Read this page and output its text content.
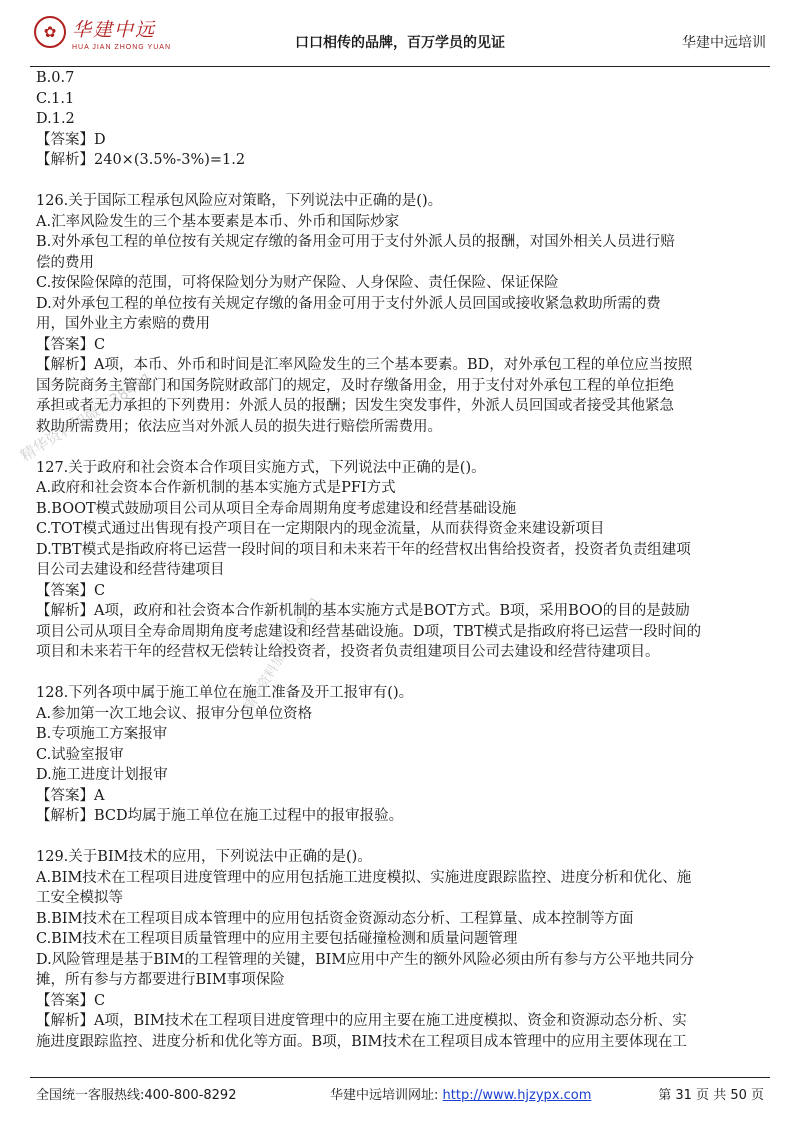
✿ 华建中远
HUA JIAN ZHONG YUAN	口口相传的品牌，百万学员的见证	华建中远培训

B.0.7

C.1.1

D.1.2

【答案】D

【解析】240×(3.5%-3%)=1.2

126.关于国际工程承包风险应对策略，下列说法中正确的是()。

A.汇率风险发生的三个基本要素是本币、外币和国际炒家

B.对外承包工程的单位按有关规定存缴的备用金可用于支付外派人员的报酬，对国外相关人员进行赔

偿的费用

C.按保险保障的范围，可将保险划分为财产保险、人身保险、责任保险、保证保险

D.对外承包工程的单位按有关规定存缴的备用金可用于支付外派人员回国或接收紧急救助所需的费

用，国外业主方索赔的费用

【答案】C

【解析】A项，本币、外币和时间是汇率风险发生的三个基本要素。BD，对外承包工程的单位应当按照

国务院商务主管部门和国务院财政部门的规定，及时存缴备用金，用于支付对外承包工程的单位拒绝

承担或者无力承担的下列费用：外派人员的报酬；因发生突发事件，外派人员回国或者接受其他紧急

救助所需费用；依法应当对外派人员的损失进行赔偿所需费用。

127.关于政府和社会资本合作项目实施方式，下列说法中正确的是()。

A.政府和社会资本合作新机制的基本实施方式是PFI方式

B.BOOT模式鼓励项目公司从项目全寿命周期角度考虑建设和经营基础设施

C.TOT模式通过出售现有投产项目在一定期限内的现金流量，从而获得资金来建设新项目

D.TBT模式是指政府将已运营一段时间的项目和未来若干年的经营权出售给投资者，投资者负责组建项

目公司去建设和经营待建项目

【答案】C

【解析】A项，政府和社会资本合作新机制的基本实施方式是BOT方式。B项，采用BOO的目的是鼓励

项目公司从项目全寿命周期角度考虑建设和经营基础设施。D项，TBT模式是指政府将已运营一段时间的

项目和未来若干年的经营权无偿转让给投资者，投资者负责组建项目公司去建设和经营待建项目。

128.下列各项中属于施工单位在施工准备及开工报审有()。

A.参加第一次工地会议、报审分包单位资格

B.专项施工方案报审

C.试验室报审

D.施工进度计划报审

【答案】A

【解析】BCD均属于施工单位在施工过程中的报审报验。

129.关于BIM技术的应用，下列说法中正确的是()。

A.BIM技术在工程项目进度管理中的应用包括施工进度模拟、实施进度跟踪监控、进度分析和优化、施

工安全模拟等

B.BIM技术在工程项目成本管理中的应用包括资金资源动态分析、工程算量、成本控制等方面

C.BIM技术在工程项目质量管理中的应用主要包括碰撞检测和质量问题管理

D.风险管理是基于BIM的工程管理的关键，BIM应用中产生的额外风险必须由所有参与方公平地共同分

摊，所有参与方都要进行BIM事项保险

【答案】C

【解析】A项，BIM技术在工程项目进度管理中的应用主要在施工进度模拟、资金和资源动态分析、实

施进度跟踪监控、进度分析和优化等方面。B项，BIM技术在工程项目成本管理中的应用主要体现在工

精华资料加微信38491
精华资料加微信38491
全国统一客服热线:400-800-8292	华建中远培训网址: http://www.hjzypx.com	第 31 页 共 50 页
